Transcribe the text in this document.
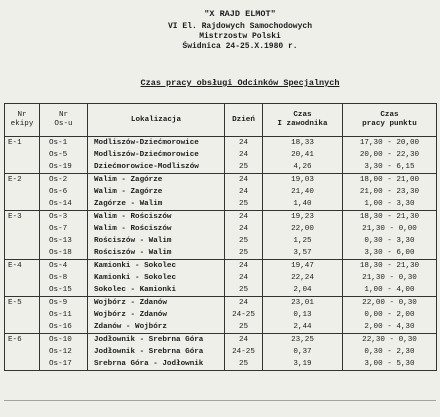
"X RAJD ELMOT"
VI El. Rajdowych Samochodowych
Mistrzostw Polski
Świdnica 24-25.X.1980 r.
Czas pracy obsługi Odcinków Specjalnych
Nr
ekipy	Nr
Os-u	Lokalizacja	Dzień	Czas
I zawodnika	Czas
pracy punktu
E-1	Os-1	Modliszów-Dziećmorowice	24	18,33	17,30 - 20,00
	Os-5	Modliszów-Dziećmorowice	24	20,41	20,00 - 22,30
	Os-19	Dziećmorowice-Modliszów	25	4,26	3,30 - 6,15
E-2	Os-2	Walim - Zagórze	24	19,03	18,00 - 21,00
	Os-6	Walim - Zagórze	24	21,40	21,00 - 23,30
	Os-14	Zagórze - Walim	25	1,40	1,00 - 3,30
E-3	Os-3	Walim - Rościszów	24	19,23	18,30 - 21,30
	Os-7	Walim - Rościszów	24	22,00	21,30 - 0,00
	Os-13	Rościszów - Walim	25	1,25	0,30 - 3,30
	Os-18	Rościszów - Walim	25	3,57	3,30 - 6,00
E-4	Os-4	Kamionki - Sokolec	24	19,47	18,30 - 21,30
	Os-8	Kamionki - Sokolec	24	22,24	21,30 - 0,30
	Os-15	Sokolec - Kamionki	25	2,04	1,00 - 4,00
E-5	Os-9	Wojbórz - Zdanów	24	23,01	22,00 - 0,30
	Os-11	Wojbórz - Zdanów	24-25	0,13	0,00 - 2,00
	Os-16	Zdanów - Wojbórz	25	2,44	2,00 - 4,30
E-6	Os-10	Jodłownik - Srebrna Góra	24	23,25	22,30 - 0,30
	Os-12	Jodłownik - Srebrna Góra	24-25	0,37	0,30 - 2,30
	Os-17	Srebrna Góra - Jodłownik	25	3,19	3,00 - 5,30
